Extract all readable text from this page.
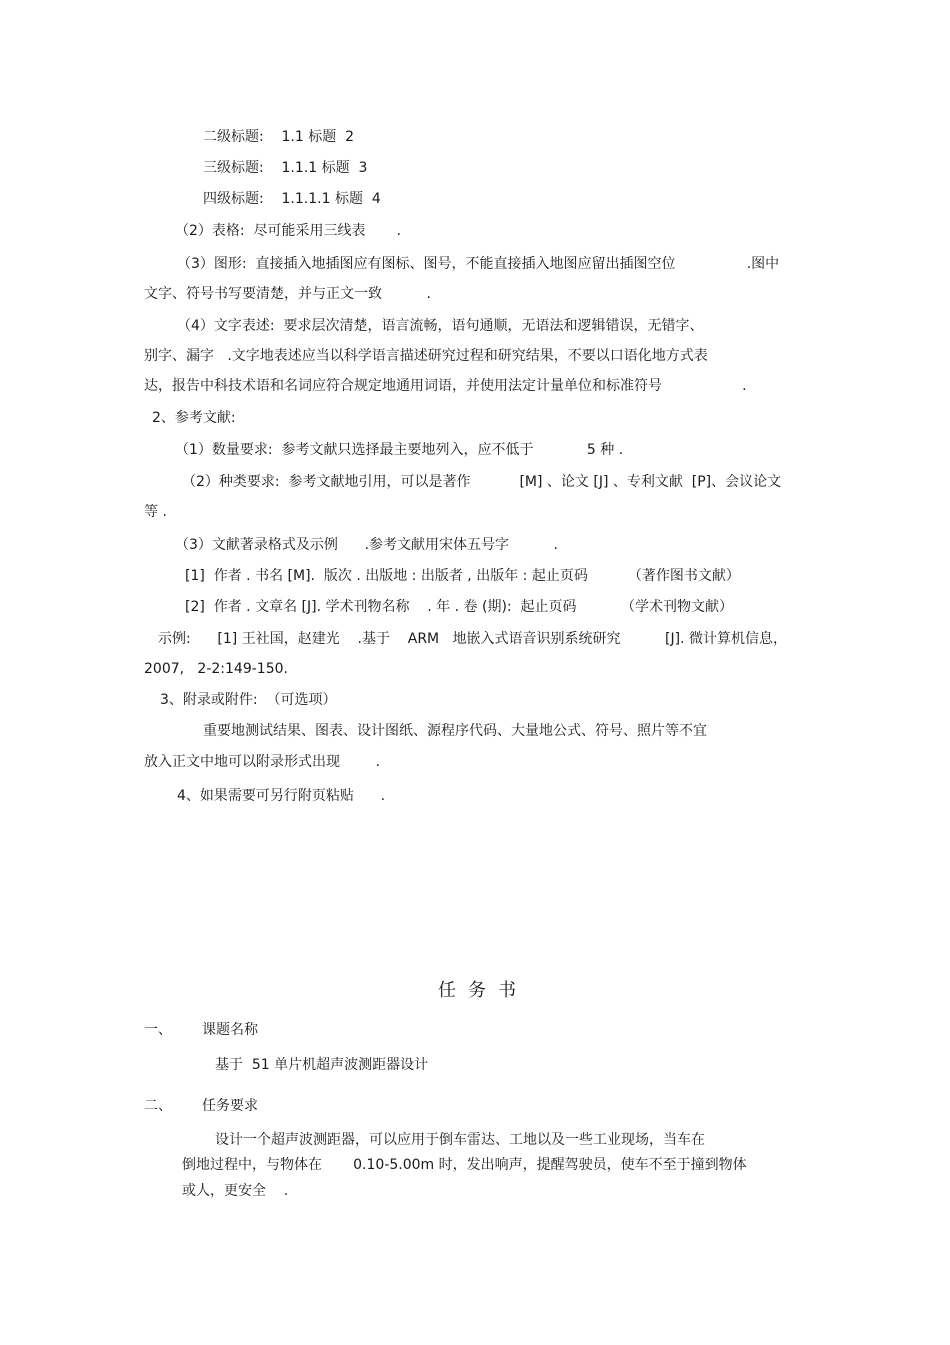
二级标题:    1.1 标题  2
三级标题:    1.1.1 标题  3
四级标题:    1.1.1.1 标题  4
（2）表格:  尽可能采用三线表       .
（3）图形:  直接插入地插图应有图标、图号，不能直接插入地图应留出插图空位                .图中
文字、符号书写要清楚，并与正文一致          .
（4）文字表述:  要求层次清楚，语言流畅，语句通顺，无语法和逻辑错误，无错字、
别字、漏字   .文字地表述应当以科学语言描述研究过程和研究结果，不要以口语化地方式表
达，报告中科技术语和名词应符合规定地通用词语，并使用法定计量单位和标准符号                  .
2、参考文献:
（1）数量要求:  参考文献只选择最主要地列入，应不低于            5 种 .
（2）种类要求:  参考文献地引用，可以是著作           [M] 、论文 [J] 、专利文献  [P]、会议论文
等 .
（3）文献著录格式及示例      .参考文献用宋体五号字          .
[1]  作者 . 书名 [M].  版次 . 出版地 : 出版者 , 出版年 : 起止页码         （著作图书文献）
[2]  作者 . 文章名 [J]. 学术刊物名称    . 年 . 卷 (期):  起止页码          （学术刊物文献）
示例:      [1] 王社国，赵建光    .基于    ARM   地嵌入式语音识别系统研究          [J]. 微计算机信息，
2007,   2-2:149-150.
3、附录或附件:  （可选项）
重要地测试结果、图表、设计图纸、源程序代码、大量地公式、符号、照片等不宜
放入正文中地可以附录形式出现        .
4、如果需要可另行附页粘贴      .
任务书
一、 课题名称
基于  51 单片机超声波测距器设计
二、 任务要求
设计一个超声波测距器，可以应用于倒车雷达、工地以及一些工业现场，当车在
倒地过程中，与物体在       0.10-5.00m 时，发出响声，提醒驾驶员，使车不至于撞到物体
或人，更安全    .
